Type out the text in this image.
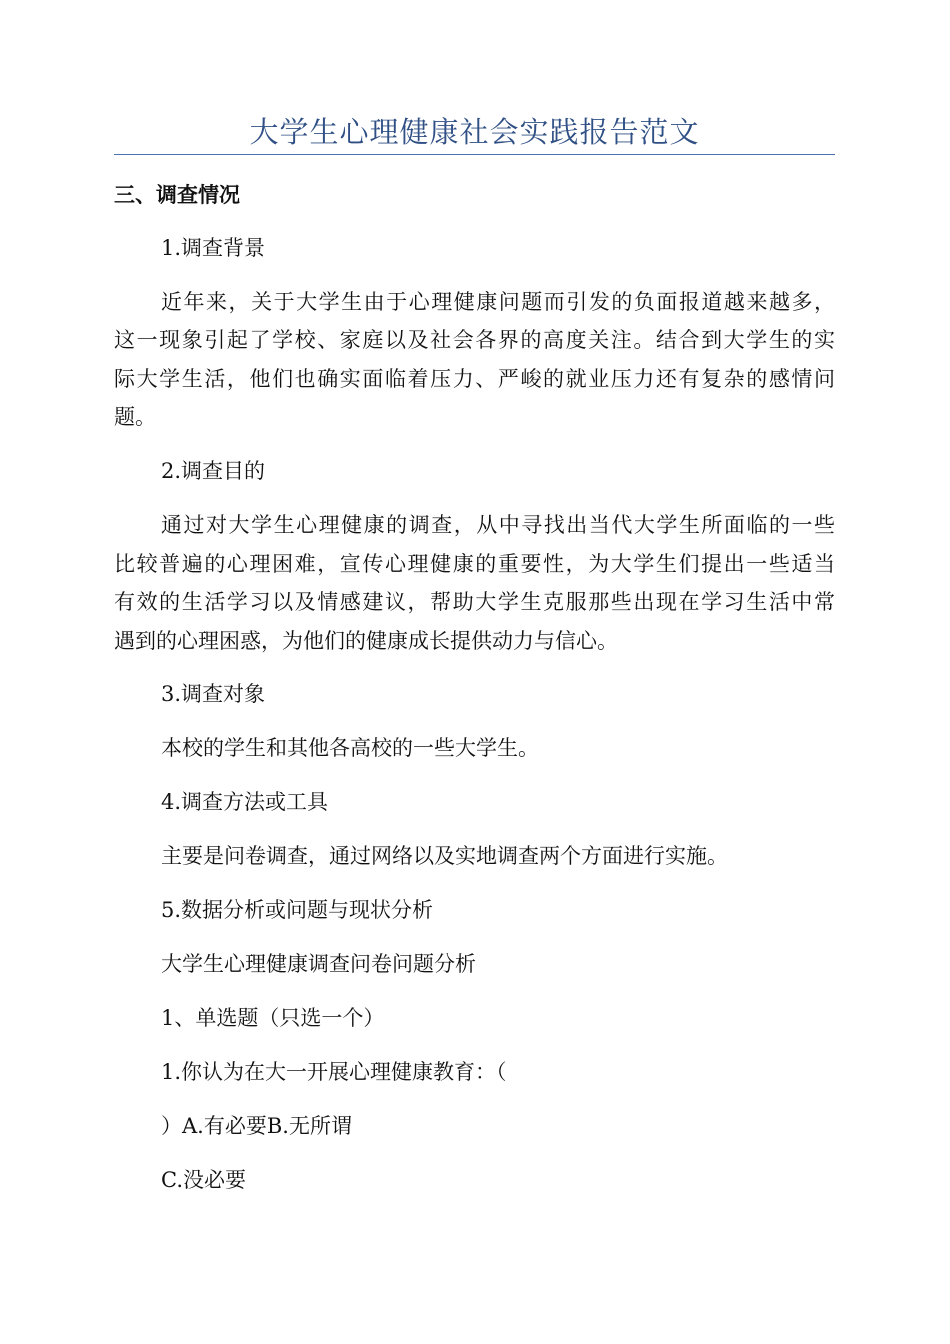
大学生心理健康社会实践报告范文
三、调查情况
1.调查背景
近年来，关于大学生由于心理健康问题而引发的负面报道越来越多，
这一现象引起了学校、家庭以及社会各界的高度关注。结合到大学生的实
际大学生活，他们也确实面临着压力、严峻的就业压力还有复杂的感情问
题。
2.调查目的
通过对大学生心理健康的调查，从中寻找出当代大学生所面临的一些
比较普遍的心理困难，宣传心理健康的重要性，为大学生们提出一些适当
有效的生活学习以及情感建议，帮助大学生克服那些出现在学习生活中常
遇到的心理困惑，为他们的健康成长提供动力与信心。
3.调查对象
本校的学生和其他各高校的一些大学生。
4.调查方法或工具
主要是问卷调查，通过网络以及实地调查两个方面进行实施。
5.数据分析或问题与现状分析
大学生心理健康调查问卷问题分析
1、单选题（只选一个）
1.你认为在大一开展心理健康教育：（
）A.有必要B.无所谓
C.没必要
